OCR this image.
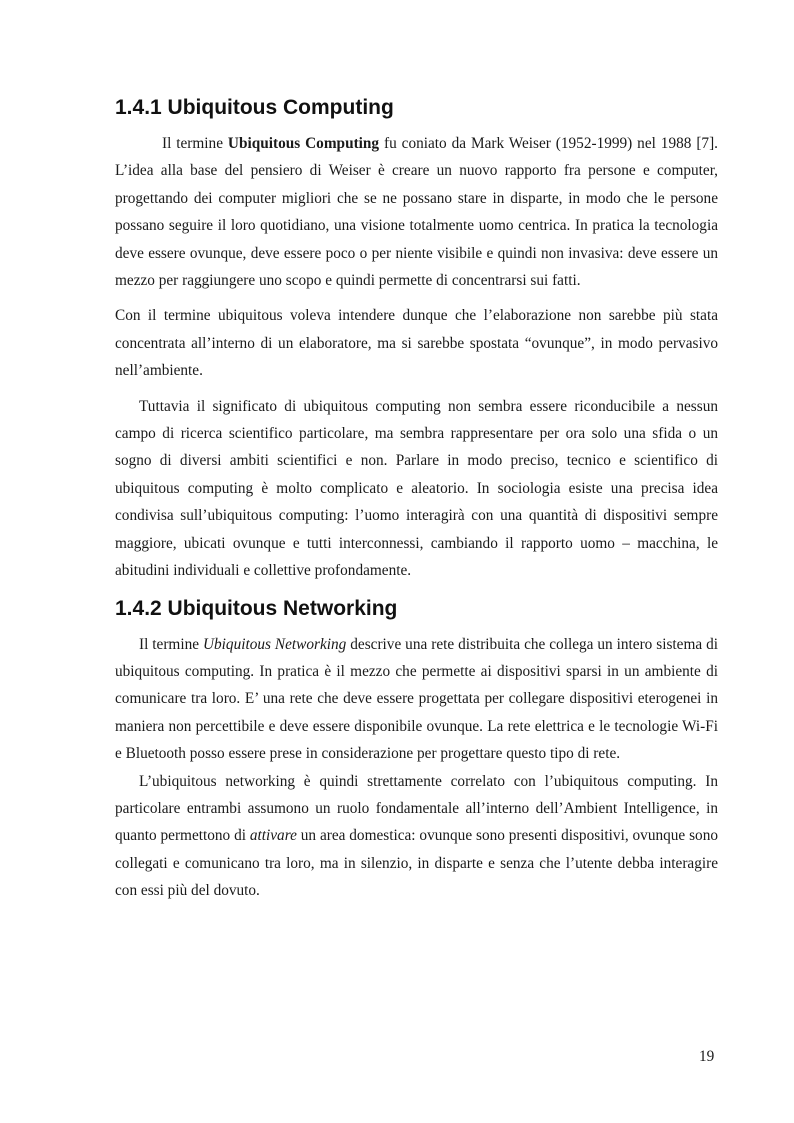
1.4.1 Ubiquitous Computing

Il termine Ubiquitous Computing fu coniato da Mark Weiser (1952-1999) nel 1988 [7]. L’idea alla base del pensiero di Weiser è creare un nuovo rapporto fra persone e computer, progettando dei computer migliori che se ne possano stare in disparte, in modo che le persone possano seguire il loro quotidiano, una visione totalmente uomo centrica. In pratica la tecnologia deve essere ovunque, deve essere poco o per niente visibile e quindi non invasiva: deve essere un mezzo per raggiungere uno scopo e quindi permette di concentrarsi sui fatti.

Con il termine ubiquitous voleva intendere dunque che l’elaborazione non sarebbe più stata concentrata all’interno di un elaboratore, ma si sarebbe spostata “ovunque”, in modo pervasivo nell’ambiente.

Tuttavia il significato di ubiquitous computing non sembra essere riconducibile a nessun campo di ricerca scientifico particolare, ma sembra rappresentare per ora solo una sfida o un sogno di diversi ambiti scientifici e non. Parlare in modo preciso, tecnico e scientifico di ubiquitous computing è molto complicato e aleatorio. In sociologia esiste una precisa idea condivisa sull’ubiquitous computing: l’uomo interagirà con una quantità di dispositivi sempre maggiore, ubicati ovunque e tutti interconnessi, cambiando il rapporto uomo – macchina, le abitudini individuali e collettive profondamente.

1.4.2 Ubiquitous Networking

Il termine Ubiquitous Networking descrive una rete distribuita che collega un intero sistema di ubiquitous computing. In pratica è il mezzo che permette ai dispositivi sparsi in un ambiente di comunicare tra loro. E’ una rete che deve essere progettata per collegare dispositivi eterogenei in maniera non percettibile e deve essere disponibile ovunque. La rete elettrica e le tecnologie Wi-Fi e Bluetooth posso essere prese in considerazione per progettare questo tipo di rete.

L’ubiquitous networking è quindi strettamente correlato con l’ubiquitous computing. In particolare entrambi assumono un ruolo fondamentale all’interno dell’Ambient Intelligence, in quanto permettono di attivare un area domestica: ovunque sono presenti dispositivi, ovunque sono collegati e comunicano tra loro, ma in silenzio, in disparte e senza che l’utente debba interagire con essi più del dovuto.

19
